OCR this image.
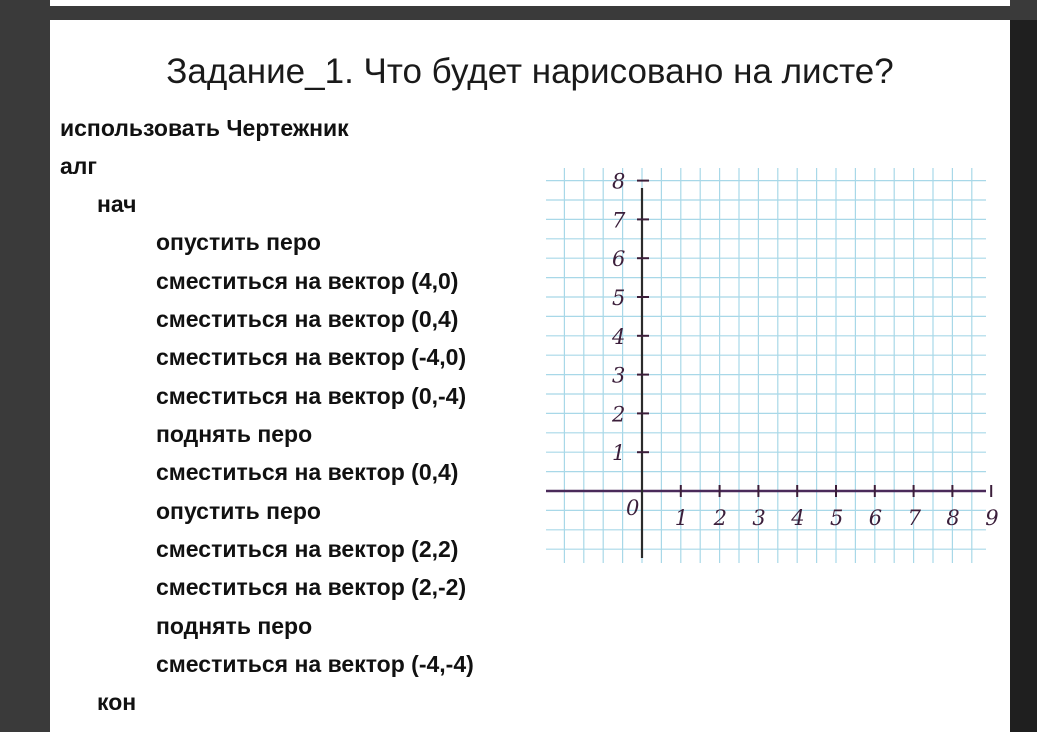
Задание_1. Что будет нарисовано на листе?
использовать Чертежник
алг
нач
опустить перо
сместиться на вектор (4,0)
сместиться на вектор (0,4)
сместиться на вектор (-4,0)
сместиться на вектор (0,-4)
поднять перо
сместиться на вектор (0,4)
опустить перо
сместиться на вектор (2,2)
сместиться на вектор (2,-2)
поднять перо
сместиться на вектор (-4,-4)
кон
0 1 2 3 4 5 6 7 8 9
1
2
3
4
5
6
7
8
